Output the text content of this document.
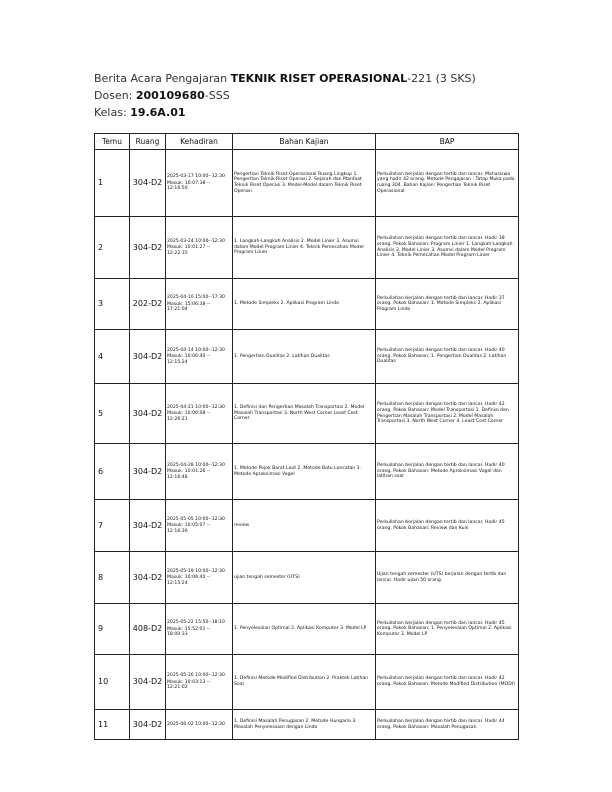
Berita Acara Pengajaran TEKNIK RISET OPERASIONAL-221 (3 SKS)
Dosen: 200109680-SSS
Kelas: 19.6A.01
Temu	Ruang	Kehadiran	Bahan Kajian	BAP
1	304-D2	2025-03-17 10:00--12:30
Masuk: 10:07:38 -- 12:16:50	Pengertian Teknik Riset Operasional Ruang Lingkup 1. Pengertian Teknik Riset Operasi 2. Sejarah dan Manfaat Teknik Riset Operasi 3. Model-Model dalam Teknik Riset Operasi	Perkuliahan berjalan dengan tertib dan lancar. Mahasiswa yang hadir 42 orang. Metode Pengajaran : Tatap Muka pada ruang 304. Bahan Kajian: Pengertian Teknik Riset Operasional
2	304-D2	2025-03-24 10:00--12:30
Masuk: 10:01:27 -- 12:22:35	1. Langkah-Langkah Analisis 2. Model Linier 3. Asumsi dalam Model Program Linier 4. Teknik Pemecahan Model Program Linier	Perkuliahan berjalan dengan tertib dan lancar. Hadir 38 orang. Pokok Bahasan: Program Linier 1. Langkah-Langkah Analisis 2. Model Linier 3. Asumsi dalam Model Program Linier 4. Teknik Pemecahan Model Program Linier
3	202-D2	2025-04-10 15:00--17:30
Masuk: 15:06:38 -- 17:21:04	1. Metode Simpleks 2. Aplikasi Program Lindo	Perkuliahan berjalan dengan tertib dan lancar. Hadir 37 orang. Pokok Bahasan: 1. Metode Simpleks 2. Aplikasi Program Lindo
4	304-D2	2025-04-14 10:00--12:30
Masuk: 10:06:40 -- 12:15:24	1. Pengertian Dualitas 2. Latihan Dualitas	Perkuliahan berjalan dengan tertib dan lancar. Hadir 40 orang. Pokok Bahasan: 1. Pengertian Dualitas 2. Latihan Dualitas
5	304-D2	2025-04-21 10:00--12:30
Masuk: 10:06:08 -- 12:26:21	1. Definisi dan Pengertian Masalah Transportasi 2. Model Masalah Transportasi 3. North West Corner Least Cost Corner	Perkuliahan berjalan dengan tertib dan lancar. Hadir 42 orang. Pokok Bahasan: Model Transportasi 1. Definisi dan Pengertian Masalah Transportasi 2. Model Masalah Transportasi 3. North West Corner 4. Least Cost Corner
6	304-D2	2025-04-28 10:00--12:30
Masuk: 10:01:26 -- 12:16:48	1. Metode Pojok Barat Laut 2. Metode Batu Loncatan 3. Metode Aproksimasi Vogel	Perkuliahan berjalan dengan tertib dan lancar. Hadir 40 orang. Pokok Bahasan: Metode Aproksimasi Vogel dan latihan soal
7	304-D2	2025-05-05 10:00--12:30
Masuk: 10:05:07 -- 12:16:36	review	Perkuliahan berjalan dengan tertib dan lancar. Hadir 45 orang. Pokok Bahasan: Review dan Kuis
8	304-D2	2025-05-19 10:00--12:30
Masuk: 10:06:40 -- 12:15:24	ujian tengah semester (UTS)	Ujian tengah semester (UTS) berjalan dengan tertib dan lancar. Hadir ujian 50 orang.
9	408-D2	2025-05-22 15:50--18:10
Masuk: 15:52:01 -- 18:00:33	1. Penyelesaian Optimal 2. Aplikasi Komputer 3. Model LP	Perkuliahan berjalan dengan tertib dan lancar. Hadir 45 orang. Pokok Bahasan: 1. Penyelesaian Optimal 2. Aplikasi Komputer 3. Model LP
10	304-D2	2025-05-26 10:00--12:30
Masuk: 10:03:13 -- 12:21:02	1. Definisi Metode Modified Distribution 2. Praktek Latihan Soal	Perkuliahan berjalan dengan tertib dan lancar. Hadir 42 orang. Pokok Bahasan: Metode Modified Distribution (MODI)
11	304-D2	2025-06-02 10:00--12:30	1. Definisi Masalah Penugasan 2. Metode Hungaria 3. Masalah Penyelesaian dengan Lindo	Perkuliahan berjalan dengan tertib dan lancar. Hadir 44 orang. Pokok Bahasan: Masalah Penugasan
